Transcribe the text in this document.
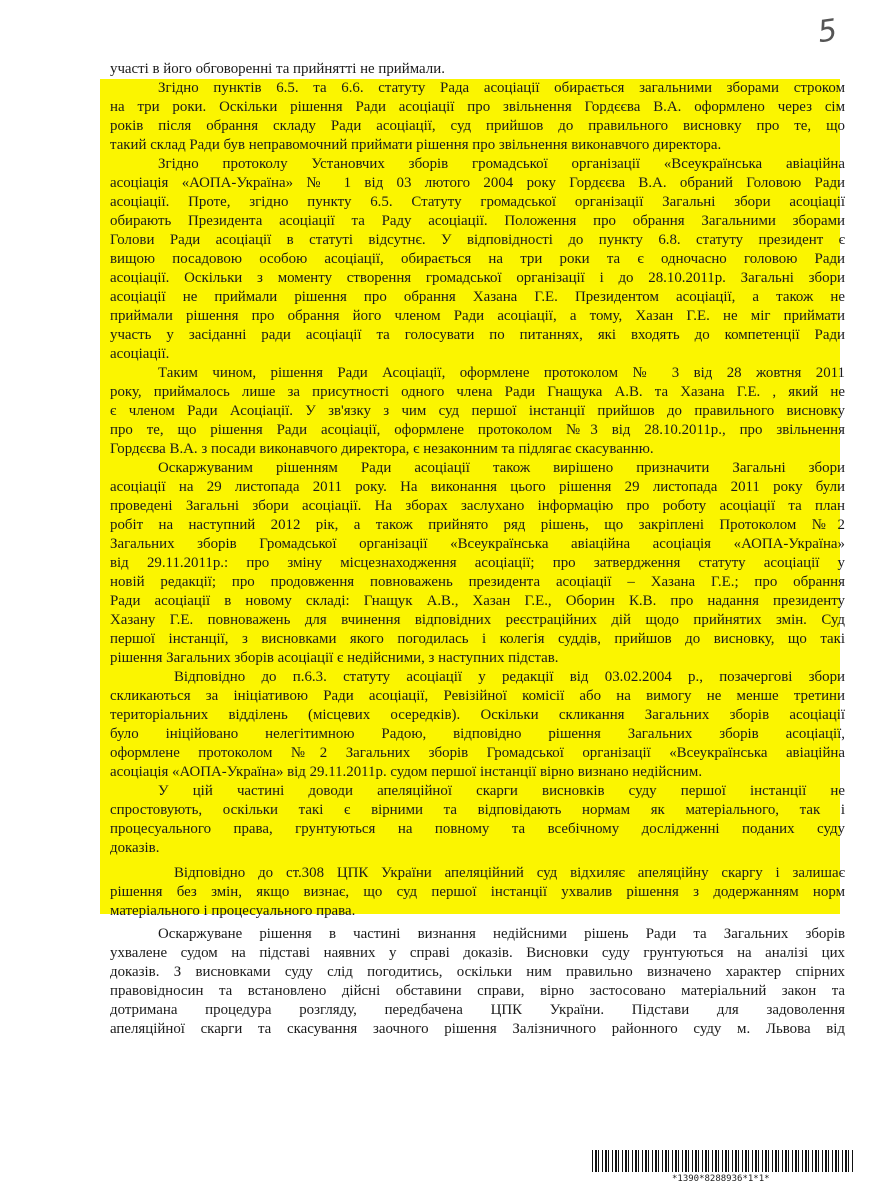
5
участі в його обговоренні та прийнятті не приймали.
Згідно пунктів 6.5. та 6.6. статуту Рада асоціації обирається загальними зборами строком
на три роки. Оскільки рішення Ради асоціації про звільнення Гордєєва В.А. оформлено через сім
років після обрання складу Ради асоціації, суд прийшов до правильного висновку про те, що
такий склад Ради був неправомочний приймати рішення про звільнення виконавчого директора.
Згідно протоколу Установчих зборів громадської організації «Всеукраїнська авіаційна
асоціація «АОПА-Україна» № 1 від 03 лютого 2004 року Гордєєва В.А. обраний Головою Ради
асоціації. Проте, згідно пункту 6.5. Статуту громадської організації Загальні збори асоціації
обирають Президента асоціації та Раду асоціації. Положення про обрання Загальними зборами
Голови Ради асоціації в статуті відсутнє. У відповідності до пункту 6.8. статуту президент є
вищою посадовою особою асоціації, обирається на три роки та є одночасно головою Ради
асоціації. Оскільки з моменту створення громадської організації і до 28.10.2011р. Загальні збори
асоціації не приймали рішення про обрання Хазана Г.Е. Президентом асоціації, а також не
приймали рішення про обрання його членом Ради асоціації, а тому, Хазан Г.Е. не міг приймати
участь у засіданні ради асоціації та голосувати по питаннях, які входять до компетенції Ради
асоціації.
Таким чином, рішення Ради Асоціації, оформлене протоколом № 3 від 28 жовтня 2011
року, приймалось лише за присутності одного члена Ради Гнащука А.В. та Хазана Г.Е. , який не
є членом Ради Асоціації. У зв'язку з чим суд першої інстанції прийшов до правильного висновку
про те, що рішення Ради асоціації, оформлене протоколом №3 від 28.10.2011р., про звільнення
Гордєєва В.А. з посади виконавчого директора, є незаконним та підлягає скасуванню.
Оскаржуваним рішенням Ради асоціації також вирішено призначити Загальні збори
асоціації на 29 листопада 2011 року. На виконання цього рішення 29 листопада 2011 року були
проведені Загальні збори асоціації. На зборах заслухано інформацію про роботу асоціації та план
робіт на наступний 2012 рік, а також прийнято ряд рішень, що закріплені Протоколом №2
Загальних зборів Громадської організації «Всеукраїнська авіаційна асоціація «АОПА-Україна»
від 29.11.2011р.: про зміну місцезнаходження асоціації; про затвердження статуту асоціації у
новій редакції; про продовження повноважень президента асоціації – Хазана Г.Е.; про обрання
Ради асоціації в новому складі: Гнащук А.В., Хазан Г.Е., Оборин К.В. про надання президенту
Хазану Г.Е. повноважень для вчинення відповідних реєстраційних дій щодо прийнятих змін. Суд
першої інстанції, з висновками якого погодилась і колегія суддів, прийшов до висновку, що такі
рішення Загальних зборів асоціації є недійсними, з наступних підстав.
Відповідно до п.6.3. статуту асоціації у редакції від 03.02.2004 р., позачергові збори
скликаються за ініціативою Ради асоціації, Ревізійної комісії або на вимогу не менше третини
територіальних відділень (місцевих осередків). Оскільки скликання Загальних зборів асоціації
було ініційовано нелегітимною Радою, відповідно рішення Загальних зборів асоціації,
оформлене протоколом №2 Загальних зборів Громадської організації «Всеукраїнська авіаційна
асоціація «АОПА-Україна» від 29.11.2011р. судом першої інстанції вірно визнано недійсним.
У цій частині доводи апеляційної скарги висновків суду першої інстанції не
спростовують, оскільки такі є вірними та відповідають нормам як матеріального, так і
процесуального права, грунтуються на повному та всебічному дослідженні поданих суду
доказів.
Відповідно до ст.308 ЦПК України апеляційний суд відхиляє апеляційну скаргу і залишає
рішення без змін, якщо визнає, що суд першої інстанції ухвалив рішення з додержанням норм
матеріального і процесуального права.
Оскаржуване рішення в частині визнання недійсними рішень Ради та Загальних зборів
ухвалене судом на підставі наявних у справі доказів. Висновки суду грунтуються на аналізі цих
доказів. З висновками суду слід погодитись, оскільки ним правильно визначено характер спірних
правовідносин та встановлено дійсні обставини справи, вірно застосовано матеріальний закон та
дотримана процедура розгляду, передбачена ЦПК України. Підстави для задоволення
апеляційної скарги та скасування заочного рішення Залізничного районного суду м. Львова від
*1390*8288936*1*1*
